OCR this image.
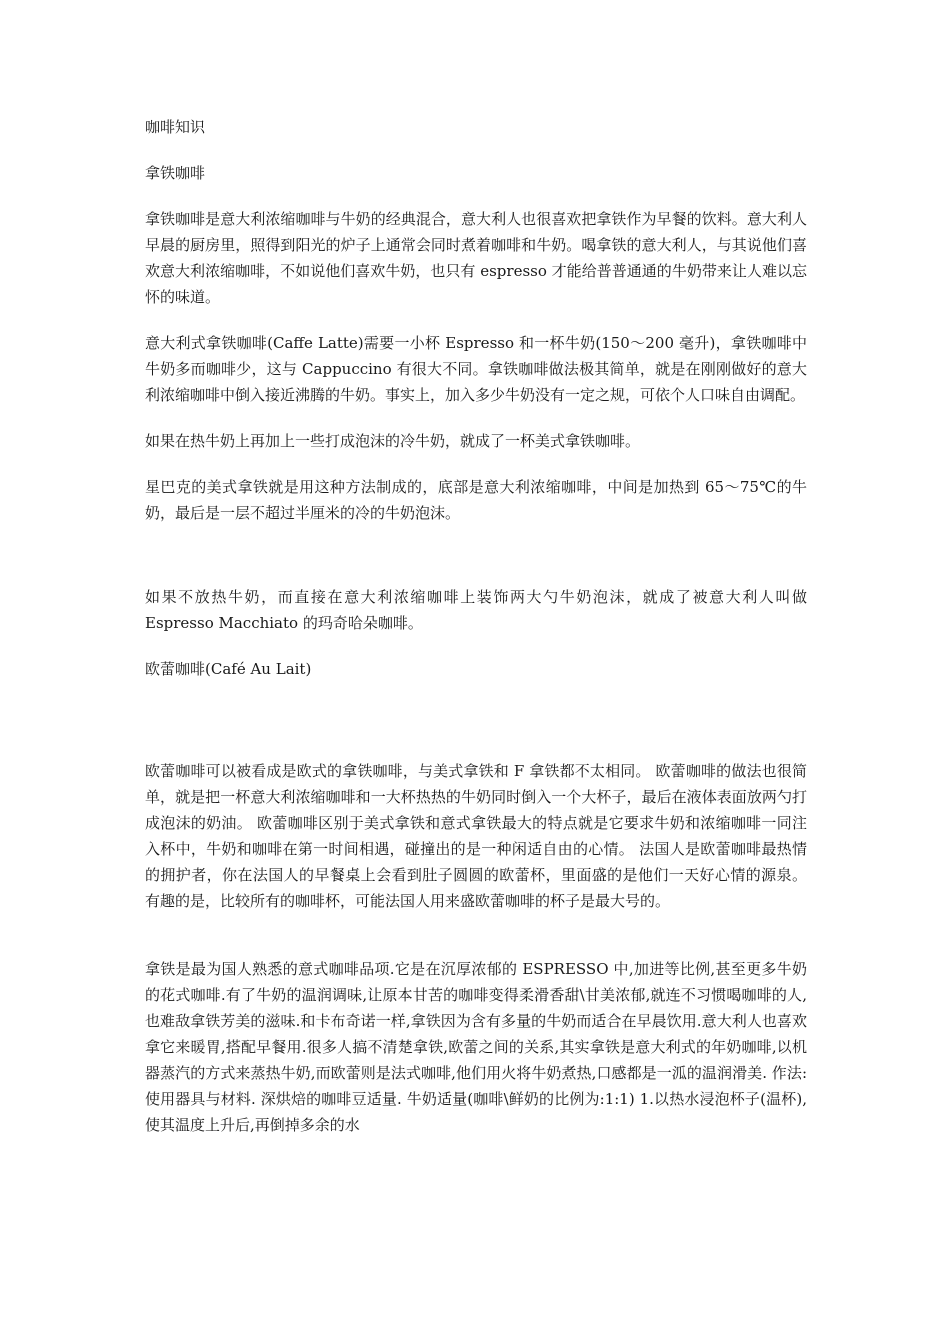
咖啡知识
拿铁咖啡

拿铁咖啡是意大利浓缩咖啡与牛奶的经典混合，意大利人也很喜欢把拿铁作为早餐的饮料。意大利人早晨的厨房里，照得到阳光的炉子上通常会同时煮着咖啡和牛奶。喝拿铁的意大利人，与其说他们喜欢意大利浓缩咖啡，不如说他们喜欢牛奶，也只有 espresso 才能给普普通通的牛奶带来让人难以忘怀的味道。

意大利式拿铁咖啡(Caffe Latte)需要一小杯 Espresso 和一杯牛奶(150～200 毫升)，拿铁咖啡中牛奶多而咖啡少，这与 Cappuccino 有很大不同。拿铁咖啡做法极其简单，就是在刚刚做好的意大利浓缩咖啡中倒入接近沸腾的牛奶。事实上，加入多少牛奶没有一定之规，可依个人口味自由调配。

如果在热牛奶上再加上一些打成泡沫的冷牛奶，就成了一杯美式拿铁咖啡。

星巴克的美式拿铁就是用这种方法制成的，底部是意大利浓缩咖啡，中间是加热到 65～75℃的牛奶，最后是一层不超过半厘米的冷的牛奶泡沫。

如果不放热牛奶，而直接在意大利浓缩咖啡上装饰两大勺牛奶泡沫，就成了被意大利人叫做 Espresso Macchiato 的玛奇哈朵咖啡。

欧蕾咖啡(Café Au Lait)

欧蕾咖啡可以被看成是欧式的拿铁咖啡，与美式拿铁和 F 拿铁都不太相同。 欧蕾咖啡的做法也很简单，就是把一杯意大利浓缩咖啡和一大杯热热的牛奶同时倒入一个大杯子，最后在液体表面放两勺打成泡沫的奶油。 欧蕾咖啡区别于美式拿铁和意式拿铁最大的特点就是它要求牛奶和浓缩咖啡一同注入杯中，牛奶和咖啡在第一时间相遇，碰撞出的是一种闲适自由的心情。 法国人是欧蕾咖啡最热情的拥护者，你在法国人的早餐桌上会看到肚子圆圆的欧蕾杯，里面盛的是他们一天好心情的源泉。 有趣的是，比较所有的咖啡杯，可能法国人用来盛欧蕾咖啡的杯子是最大号的。

拿铁是最为国人熟悉的意式咖啡品项.它是在沉厚浓郁的 ESPRESSO 中,加进等比例,甚至更多牛奶的花式咖啡.有了牛奶的温润调味,让原本甘苦的咖啡变得柔滑香甜\甘美浓郁,就连不习惯喝咖啡的人,也难敌拿铁芳美的滋味.和卡布奇诺一样,拿铁因为含有多量的牛奶而适合在早晨饮用.意大利人也喜欢拿它来暖胃,搭配早餐用.很多人搞不清楚拿铁,欧蕾之间的关系,其实拿铁是意大利式的年奶咖啡,以机器蒸汽的方式来蒸热牛奶,而欧蕾则是法式咖啡,他们用火将牛奶煮热,口感都是一泒的温润滑美. 作法:使用器具与材料. 深烘焙的咖啡豆适量. 牛奶适量(咖啡\鲜奶的比例为:1:1) 1.以热水浸泡杯子(温杯),使其温度上升后,再倒掉多余的水
